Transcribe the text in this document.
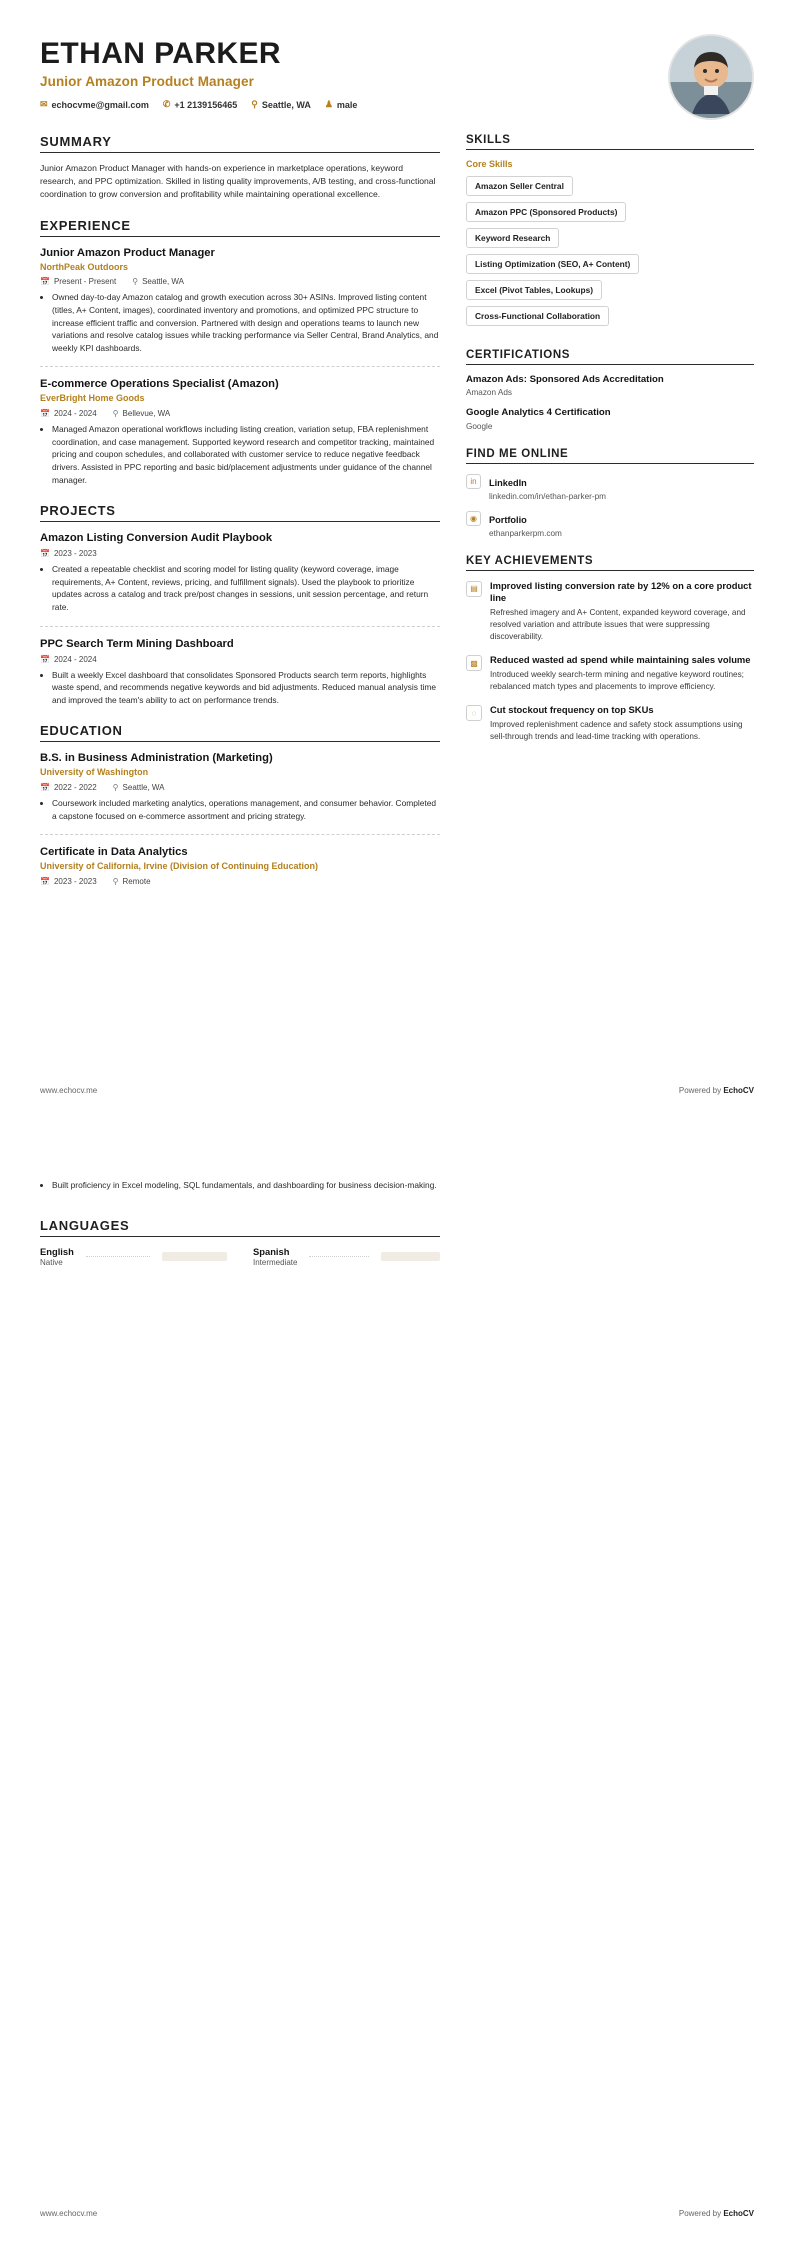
ETHAN PARKER
Junior Amazon Product Manager
✉ echocvme@gmail.com ✆ +1 2139156465 ⚲ Seattle, WA ♟ male
SUMMARY
Junior Amazon Product Manager with hands-on experience in marketplace operations, keyword research, and PPC optimization. Skilled in listing quality improvements, A/B testing, and cross-functional coordination to grow conversion and profitability while maintaining operational excellence.
EXPERIENCE
Junior Amazon Product Manager
NorthPeak Outdoors
📅 Present - Present ⚲ Seattle, WA
• Owned day-to-day Amazon catalog and growth execution across 30+ ASINs. Improved listing content (titles, A+ Content, images), coordinated inventory and promotions, and optimized PPC structure to increase efficient traffic and conversion. Partnered with design and operations teams to launch new variations and resolve catalog issues while tracking performance via Seller Central, Brand Analytics, and weekly KPI dashboards.
E-commerce Operations Specialist (Amazon)
EverBright Home Goods
📅 2024 - 2024 ⚲ Bellevue, WA
• Managed Amazon operational workflows including listing creation, variation setup, FBA replenishment coordination, and case management. Supported keyword research and competitor tracking, maintained pricing and coupon schedules, and collaborated with customer service to reduce negative feedback drivers. Assisted in PPC reporting and basic bid/placement adjustments under guidance of the channel manager.
PROJECTS
Amazon Listing Conversion Audit Playbook
📅 2023 - 2023
• Created a repeatable checklist and scoring model for listing quality (keyword coverage, image requirements, A+ Content, reviews, pricing, and fulfillment signals). Used the playbook to prioritize updates across a catalog and track pre/post changes in sessions, unit session percentage, and return rate.
PPC Search Term Mining Dashboard
📅 2024 - 2024
• Built a weekly Excel dashboard that consolidates Sponsored Products search term reports, highlights waste spend, and recommends negative keywords and bid adjustments. Reduced manual analysis time and improved the team's ability to act on performance trends.
EDUCATION
B.S. in Business Administration (Marketing)
University of Washington
📅 2022 - 2022 ⚲ Seattle, WA
• Coursework included marketing analytics, operations management, and consumer behavior. Completed a capstone focused on e-commerce assortment and pricing strategy.
Certificate in Data Analytics
University of California, Irvine (Division of Continuing Education)
📅 2023 - 2023 ⚲ Remote
SKILLS
Core Skills
Amazon Seller Central
Amazon PPC (Sponsored Products)
Keyword Research
Listing Optimization (SEO, A+ Content)
Excel (Pivot Tables, Lookups)
Cross-Functional Collaboration
CERTIFICATIONS
Amazon Ads: Sponsored Ads Accreditation
Amazon Ads
Google Analytics 4 Certification
Google
FIND ME ONLINE
in	LinkedIn
linkedin.com/in/ethan-parker-pm
◉	Portfolio
ethanparkerpm.com
KEY ACHIEVEMENTS
▤	Improved listing conversion rate by 12% on a core product line
Refreshed imagery and A+ Content, expanded keyword coverage, and resolved variation and attribute issues that were suppressing discoverability.
▩	Reduced wasted ad spend while maintaining sales volume
Introduced weekly search-term mining and negative keyword routines; rebalanced match types and placements to improve efficiency.
◌	Cut stockout frequency on top SKUs
Improved replenishment cadence and safety stock assumptions using sell-through trends and lead-time tracking with operations.
www.echocv.me	Powered by EchoCV
• Built proficiency in Excel modeling, SQL fundamentals, and dashboarding for business decision-making.
LANGUAGES
English
Native
Spanish
Intermediate
www.echocv.me	Powered by EchoCV
